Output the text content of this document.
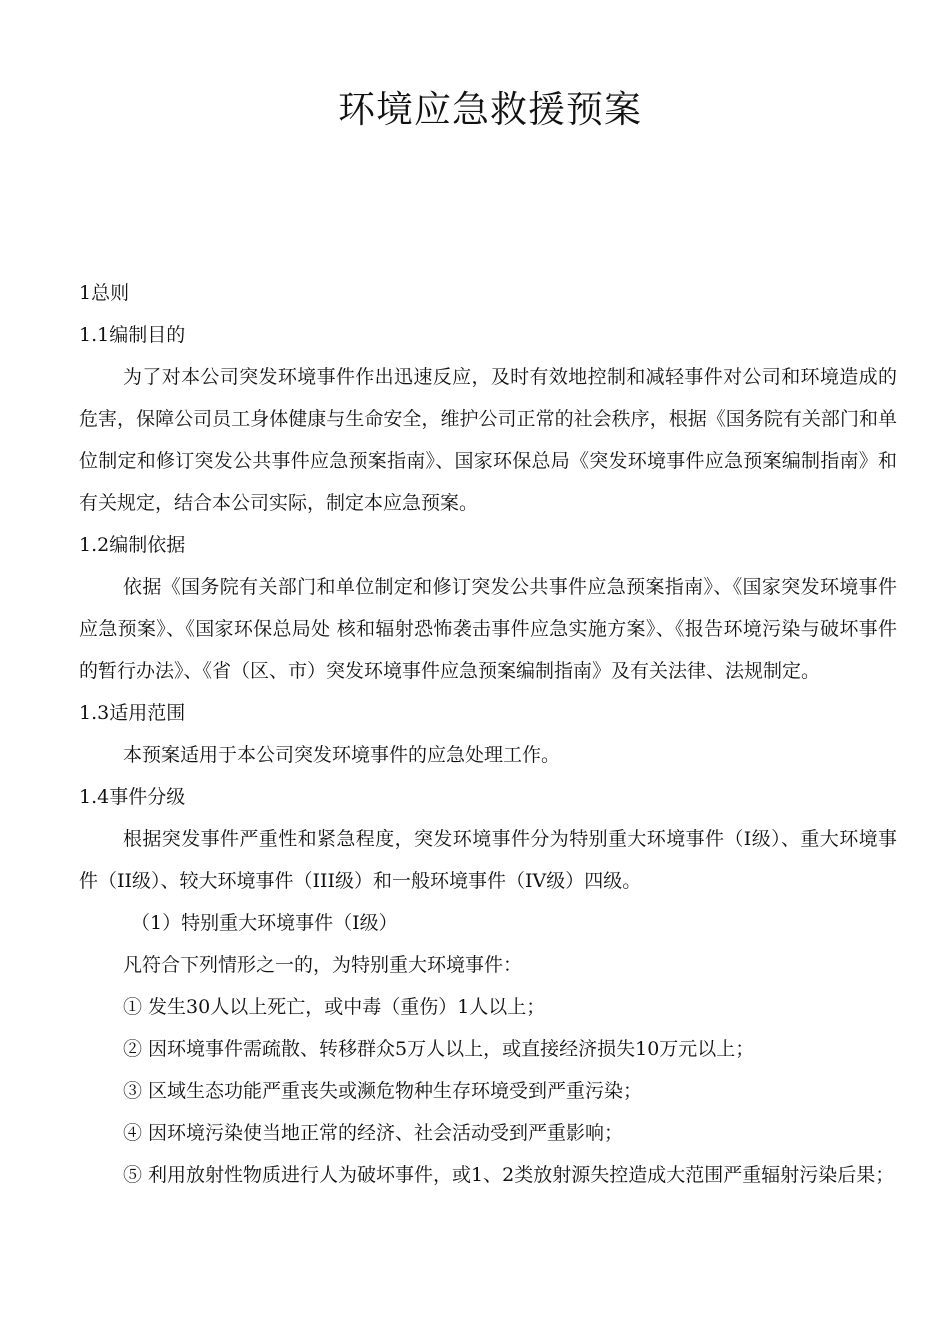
环境应急救援预案

1总则

1.1编制目的

为了对本公司突发环境事件作出迅速反应，及时有效地控制和减轻事件对公司和环境造成的危害，保障公司员工身体健康与生命安全，维护公司正常的社会秩序，根据《国务院有关部门和单位制定和修订突发公共事件应急预案指南》、国家环保总局《突发环境事件应急预案编制指南》和有关规定，结合本公司实际，制定本应急预案。

1.2编制依据

依据《国务院有关部门和单位制定和修订突发公共事件应急预案指南》、《国家突发环境事件应急预案》、《国家环保总局处 核和辐射恐怖袭击事件应急实施方案》、《报告环境污染与破坏事件的暂行办法》、《省（区、市）突发环境事件应急预案编制指南》及有关法律、法规制定。

1.3适用范围

本预案适用于本公司突发环境事件的应急处理工作。

1.4事件分级

根据突发事件严重性和紧急程度，突发环境事件分为特别重大环境事件（Ⅰ级）、重大环境事件（II级）、较大环境事件（III级）和一般环境事件（IV级）四级。

（1）特别重大环境事件（Ⅰ级）

凡符合下列情形之一的，为特别重大环境事件：

① 发生30人以上死亡，或中毒（重伤）1人以上；

② 因环境事件需疏散、转移群众5万人以上，或直接经济损失10万元以上；

③ 区域生态功能严重丧失或濒危物种生存环境受到严重污染；

④ 因环境污染使当地正常的经济、社会活动受到严重影响；

⑤ 利用放射性物质进行人为破坏事件，或1、2类放射源失控造成大范围严重辐射污染后果；
